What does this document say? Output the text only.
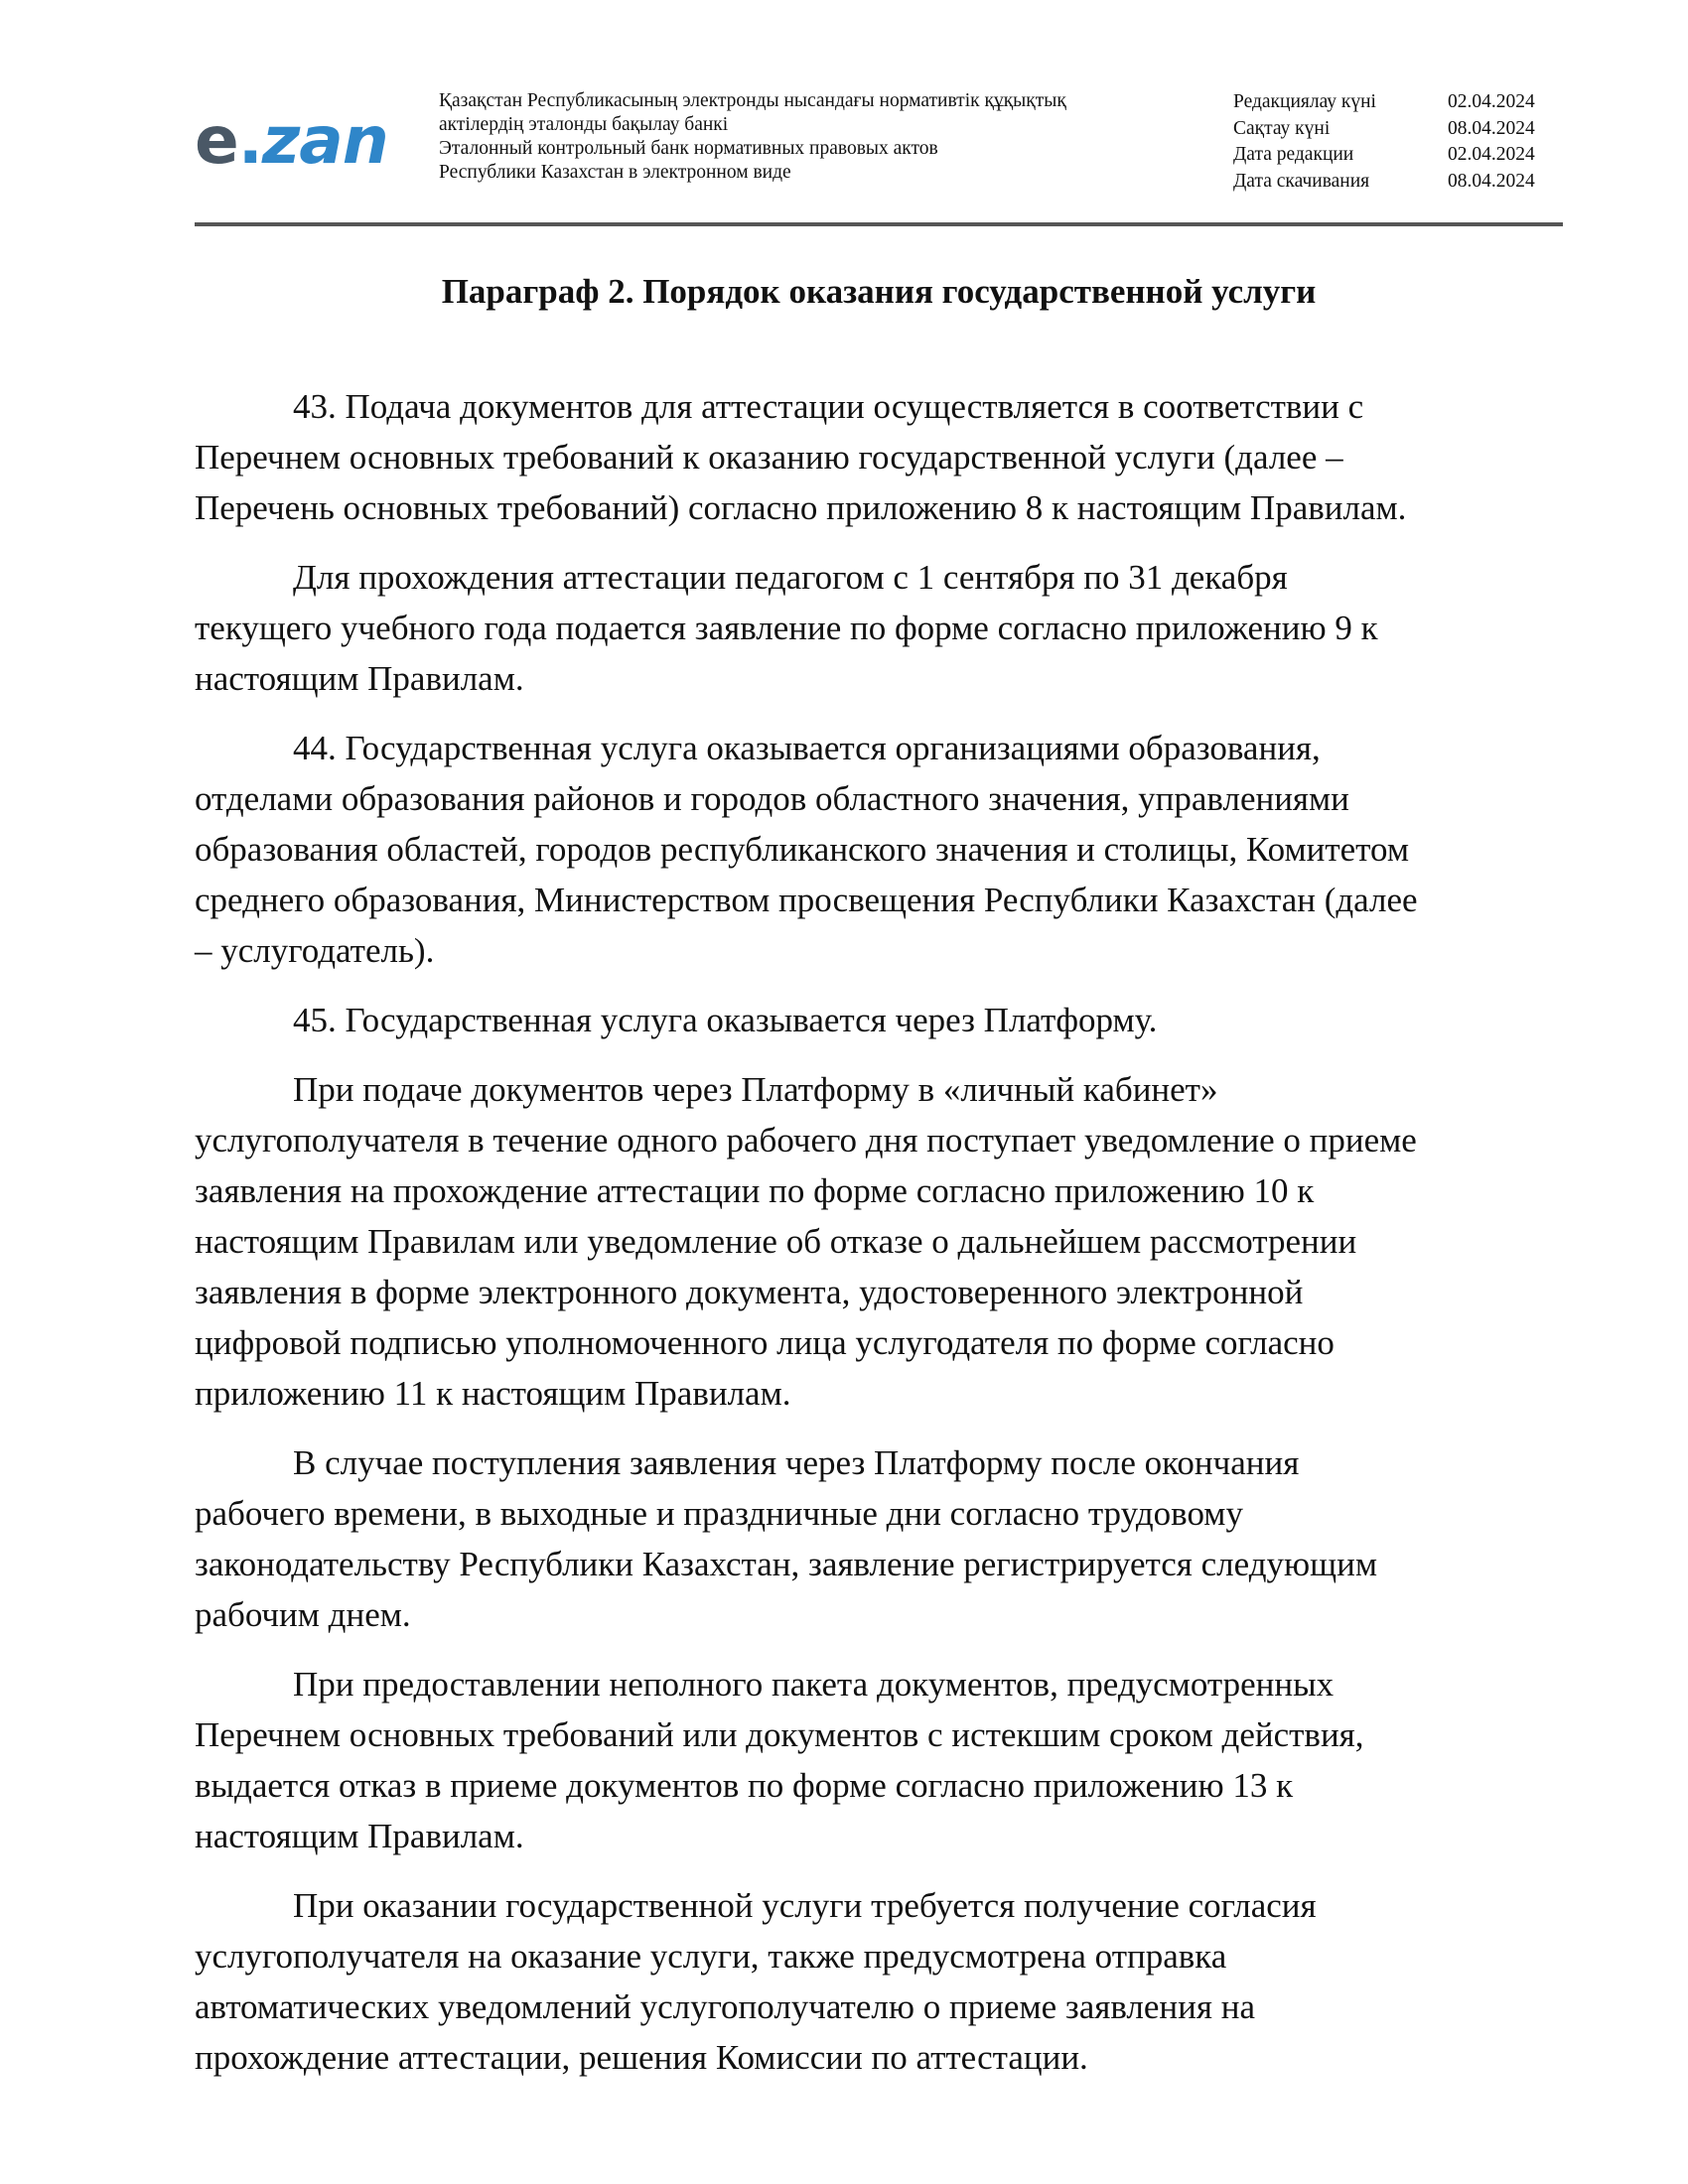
e . zan
Қазақстан Республикасының электронды нысандағы нормативтік құқықтық
актілердің эталонды бақылау банкі
Эталонный контрольный банк нормативных правовых актов
Республики Казахстан в электронном виде
Редакциялау күні	02.04.2024
Сақтау күні	08.04.2024
Дата редакции	02.04.2024
Дата скачивания	08.04.2024
Параграф 2. Порядок оказания государственной услуги
43. Подача документов для аттестации осуществляется в соответствии с
Перечнем основных требований к оказанию государственной услуги (далее –
Перечень основных требований) согласно приложению 8 к настоящим Правилам.
Для прохождения аттестации педагогом с 1 сентября по 31 декабря
текущего учебного года подается заявление по форме согласно приложению 9 к
настоящим Правилам.
44. Государственная услуга оказывается организациями образования,
отделами образования районов и городов областного значения, управлениями
образования областей, городов республиканского значения и столицы, Комитетом
среднего образования, Министерством просвещения Республики Казахстан (далее
– услугодатель).
45. Государственная услуга оказывается через Платформу.
При подаче документов через Платформу в «личный кабинет»
услугополучателя в течение одного рабочего дня поступает уведомление о приеме
заявления на прохождение аттестации по форме согласно приложению 10 к
настоящим Правилам или уведомление об отказе о дальнейшем рассмотрении
заявления в форме электронного документа, удостоверенного электронной
цифровой подписью уполномоченного лица услугодателя по форме согласно
приложению 11 к настоящим Правилам.
В случае поступления заявления через Платформу после окончания
рабочего времени, в выходные и праздничные дни согласно трудовому
законодательству Республики Казахстан, заявление регистрируется следующим
рабочим днем.
При предоставлении неполного пакета документов, предусмотренных
Перечнем основных требований или документов с истекшим сроком действия,
выдается отказ в приеме документов по форме согласно приложению 13 к
настоящим Правилам.
При оказании государственной услуги требуется получение согласия
услугополучателя на оказание услуги, также предусмотрена отправка
автоматических уведомлений услугополучателю о приеме заявления на
прохождение аттестации, решения Комиссии по аттестации.
